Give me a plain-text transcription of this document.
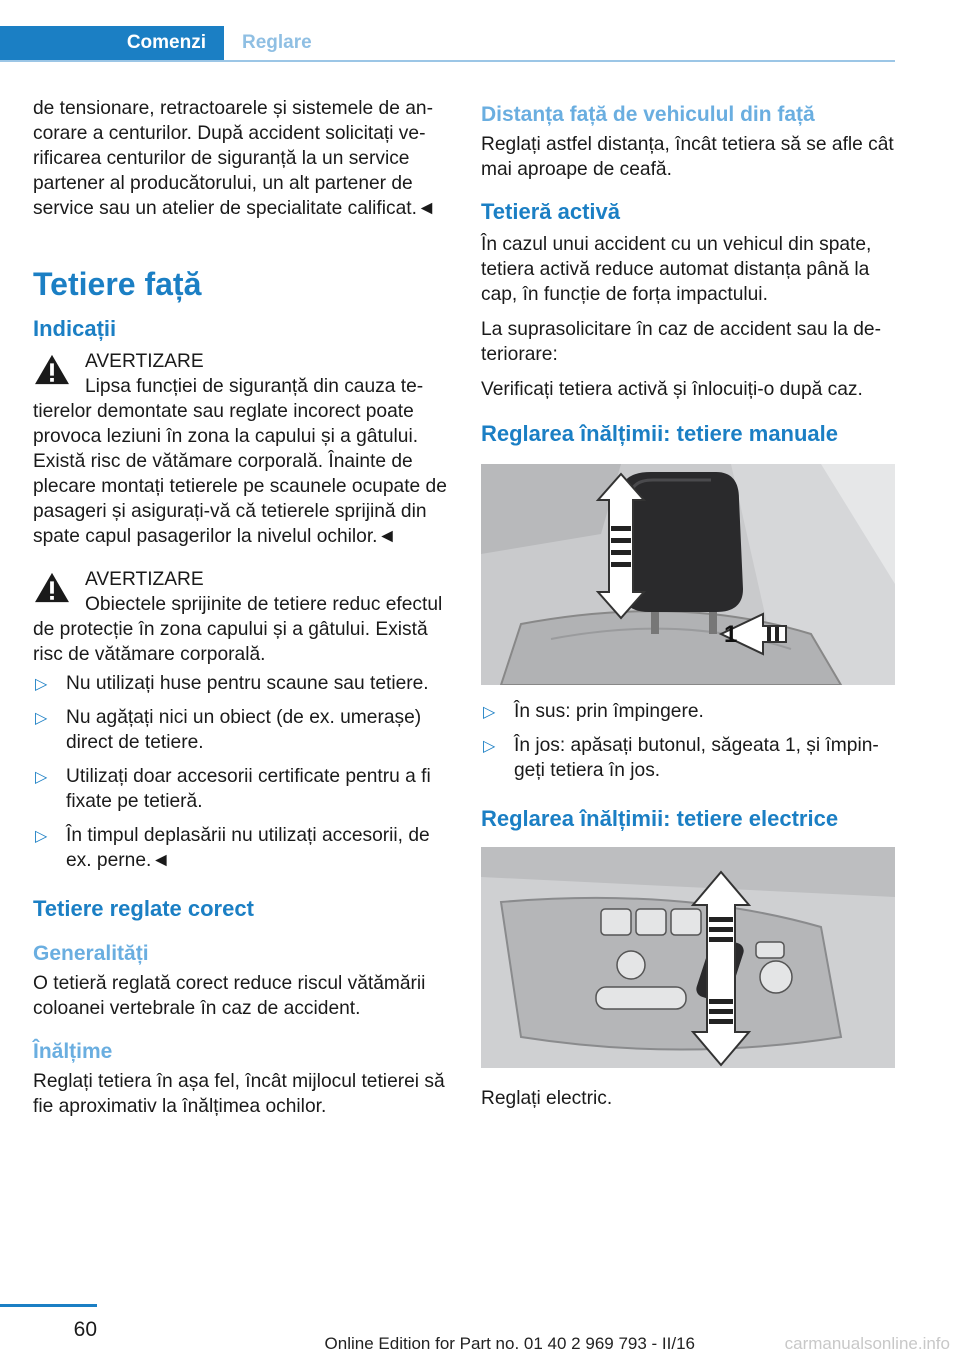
Comenzi	Reglare

de tensionare, retractoarele și sistemele de ancorare a centurilor. După accident solicitați verificarea centurilor de siguranță la un service partener al producătorului, un alt partener de service sau un atelier de specialitate calificat.◄

Tetiere față
Indicații
AVERTIZARE

Lipsa funcției de siguranță din cauza tetierelor demontate sau reglate incorect poate provoca leziuni în zona la capului și a gâtului. Există risc de vătămare corporală. Înainte de plecare montați tetierele pe scaunele ocupate de pasageri și asigurați-vă că tetierele sprijină din spate capul pasagerilor la nivelul ochilor.◄

AVERTIZARE

Obiectele sprijinite de tetiere reduc efectul de protecție în zona capului și a gâtului. Există risc de vătămare corporală.

▷ Nu utilizați huse pentru scaune sau tetiere.
▷ Nu agățați nici un obiect (de ex. umerașe) direct de tetiere.
▷ Utilizați doar accesorii certificate pentru a fi fixate pe tetieră.
▷ În timpul deplasării nu utilizați accesorii, de ex. perne.◄
Tetiere reglate corect
Generalități

O tetieră reglată corect reduce riscul vătămării coloanei vertebrale în caz de accident.

Înălțime

Reglați tetiera în așa fel, încât mijlocul tetierei să fie aproximativ la înălțimea ochilor.

Distanța față de vehiculul din față

Reglați astfel distanța, încât tetiera să se afle cât mai aproape de ceafă.

Tetieră activă

În cazul unui accident cu un vehicul din spate, tetiera activă reduce automat distanța până la cap, în funcție de forța impactului.

La suprasolicitare în caz de accident sau la deteriorare:

Verificați tetiera activă și înlocuiți-o după caz.

Reglarea înălțimii: tetiere manuale
1
▷ În sus: prin împingere.
▷ În jos: apăsați butonul, săgeata 1, și împingeți tetiera în jos.
Reglarea înălțimii: tetiere electrice

Reglați electric.

60
Online Edition for Part no. 01 40 2 969 793 - II/16	carmanualsonline.info
